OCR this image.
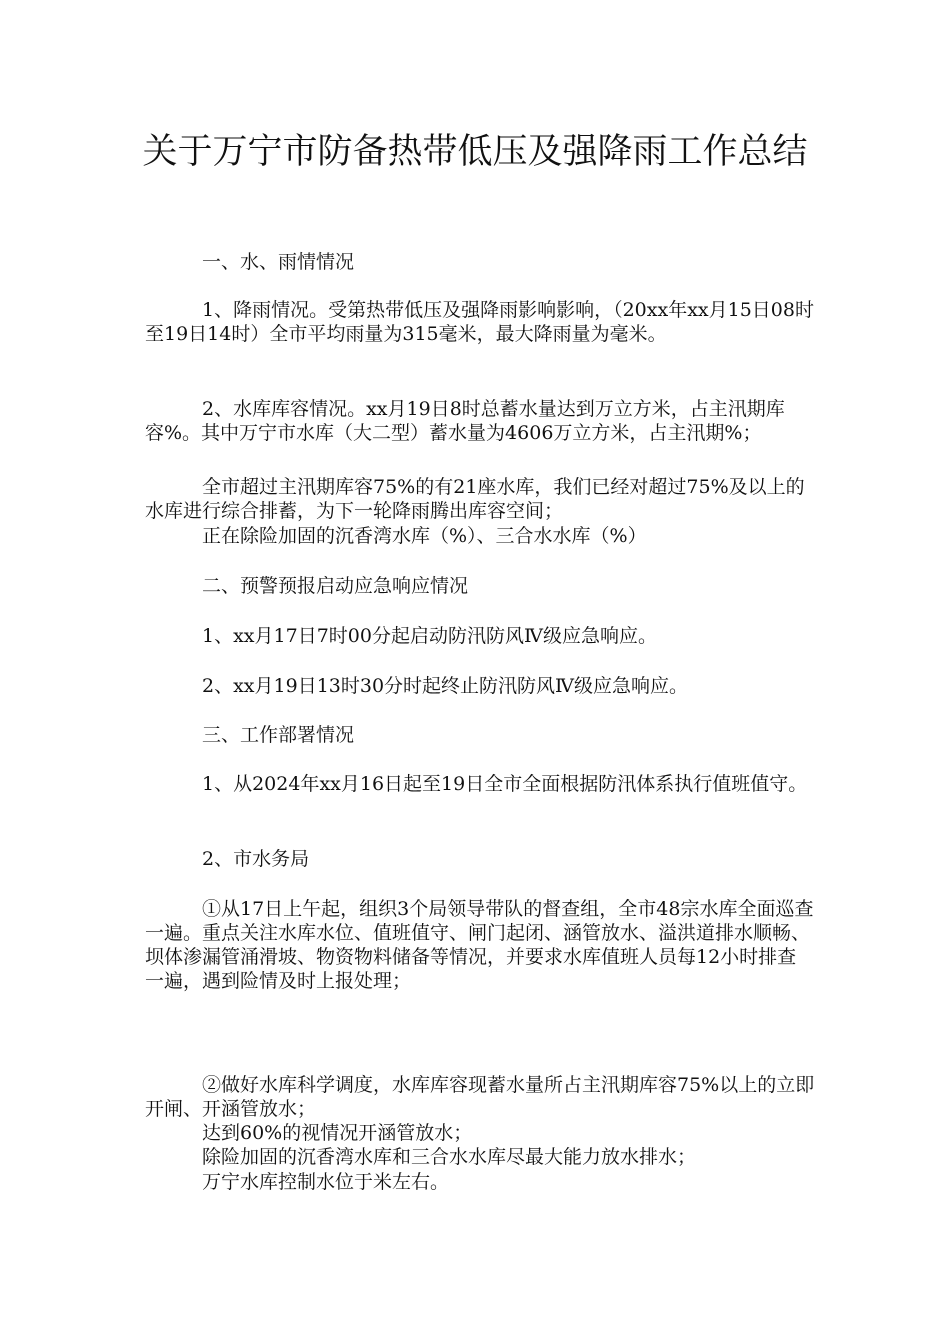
关于万宁市防备热带低压及强降雨工作总结

一、水、雨情情况

1、降雨情况。受第热带低压及强降雨影响影响，（20xx年xx月15日08时至19日14时）全市平均雨量为315毫米，最大降雨量为毫米。

2、水库库容情况。xx月19日8时总蓄水量达到万立方米，占主汛期库容%。其中万宁市水库（大二型）蓄水量为4606万立方米，占主汛期%；

全市超过主汛期库容75%的有21座水库，我们已经对超过75%及以上的水库进行综合排蓄，为下一轮降雨腾出库容空间；

正在除险加固的沉香湾水库（%）、三合水水库（%）

二、预警预报启动应急响应情况

1、xx月17日7时00分起启动防汛防风Ⅳ级应急响应。

2、xx月19日13时30分时起终止防汛防风Ⅳ级应急响应。

三、工作部署情况

1、从2024年xx月16日起至19日全市全面根据防汛体系执行值班值守。

2、市水务局

①从17日上午起，组织3个局领导带队的督查组，全市48宗水库全面巡查一遍。重点关注水库水位、值班值守、闸门起闭、涵管放水、溢洪道排水顺畅、坝体渗漏管涌滑坡、物资物料储备等情况，并要求水库值班人员每12小时排查一遍，遇到险情及时上报处理；

②做好水库科学调度，水库库容现蓄水量所占主汛期库容75%以上的立即开闸、开涵管放水；

达到60%的视情况开涵管放水；

除险加固的沉香湾水库和三合水水库尽最大能力放水排水；

万宁水库控制水位于米左右。
